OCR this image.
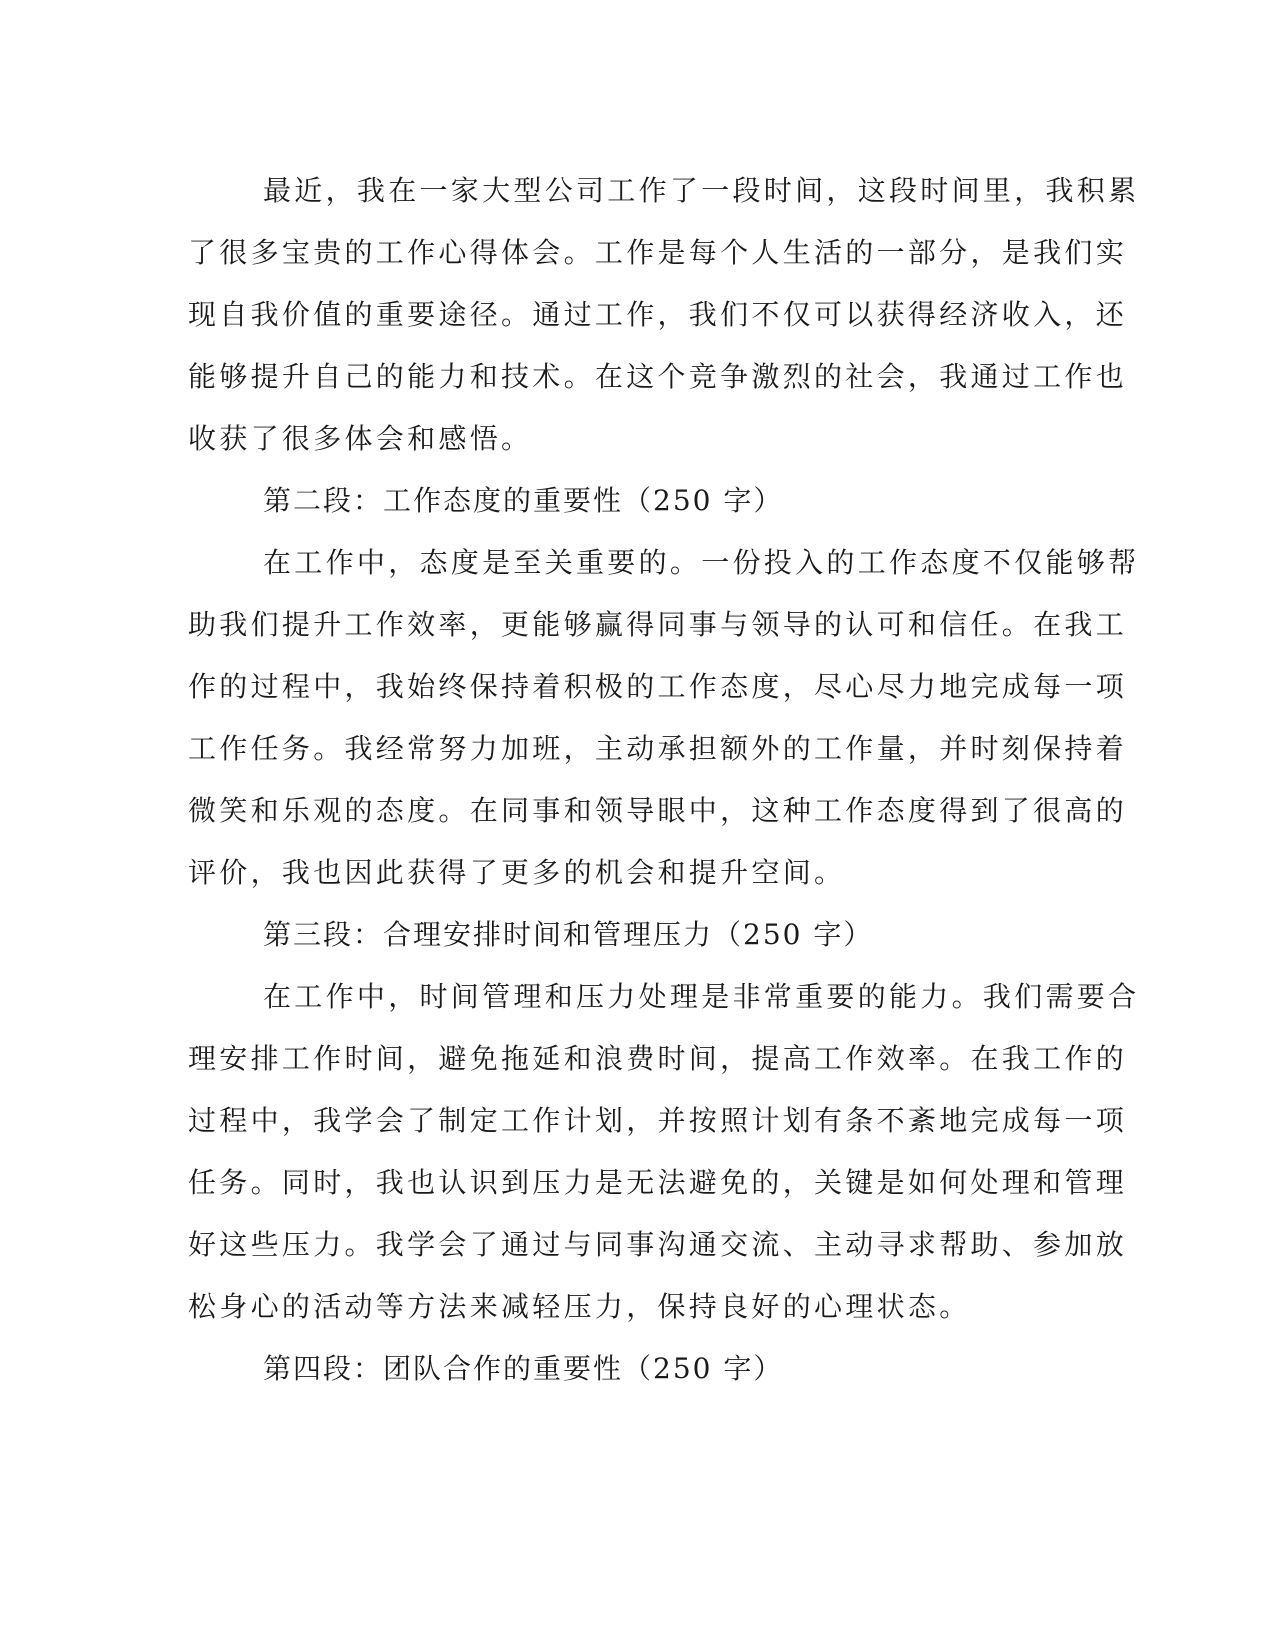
最近，我在一家大型公司工作了一段时间，这段时间里，我积累
了很多宝贵的工作心得体会。工作是每个人生活的一部分，是我们实
现自我价值的重要途径。通过工作，我们不仅可以获得经济收入，还
能够提升自己的能力和技术。在这个竞争激烈的社会，我通过工作也
收获了很多体会和感悟。
第二段：工作态度的重要性（250 字）
在工作中，态度是至关重要的。一份投入的工作态度不仅能够帮
助我们提升工作效率，更能够赢得同事与领导的认可和信任。在我工
作的过程中，我始终保持着积极的工作态度，尽心尽力地完成每一项
工作任务。我经常努力加班，主动承担额外的工作量，并时刻保持着
微笑和乐观的态度。在同事和领导眼中，这种工作态度得到了很高的
评价，我也因此获得了更多的机会和提升空间。
第三段：合理安排时间和管理压力（250 字）
在工作中，时间管理和压力处理是非常重要的能力。我们需要合
理安排工作时间，避免拖延和浪费时间，提高工作效率。在我工作的
过程中，我学会了制定工作计划，并按照计划有条不紊地完成每一项
任务。同时，我也认识到压力是无法避免的，关键是如何处理和管理
好这些压力。我学会了通过与同事沟通交流、主动寻求帮助、参加放
松身心的活动等方法来减轻压力，保持良好的心理状态。
第四段：团队合作的重要性（250 字）
